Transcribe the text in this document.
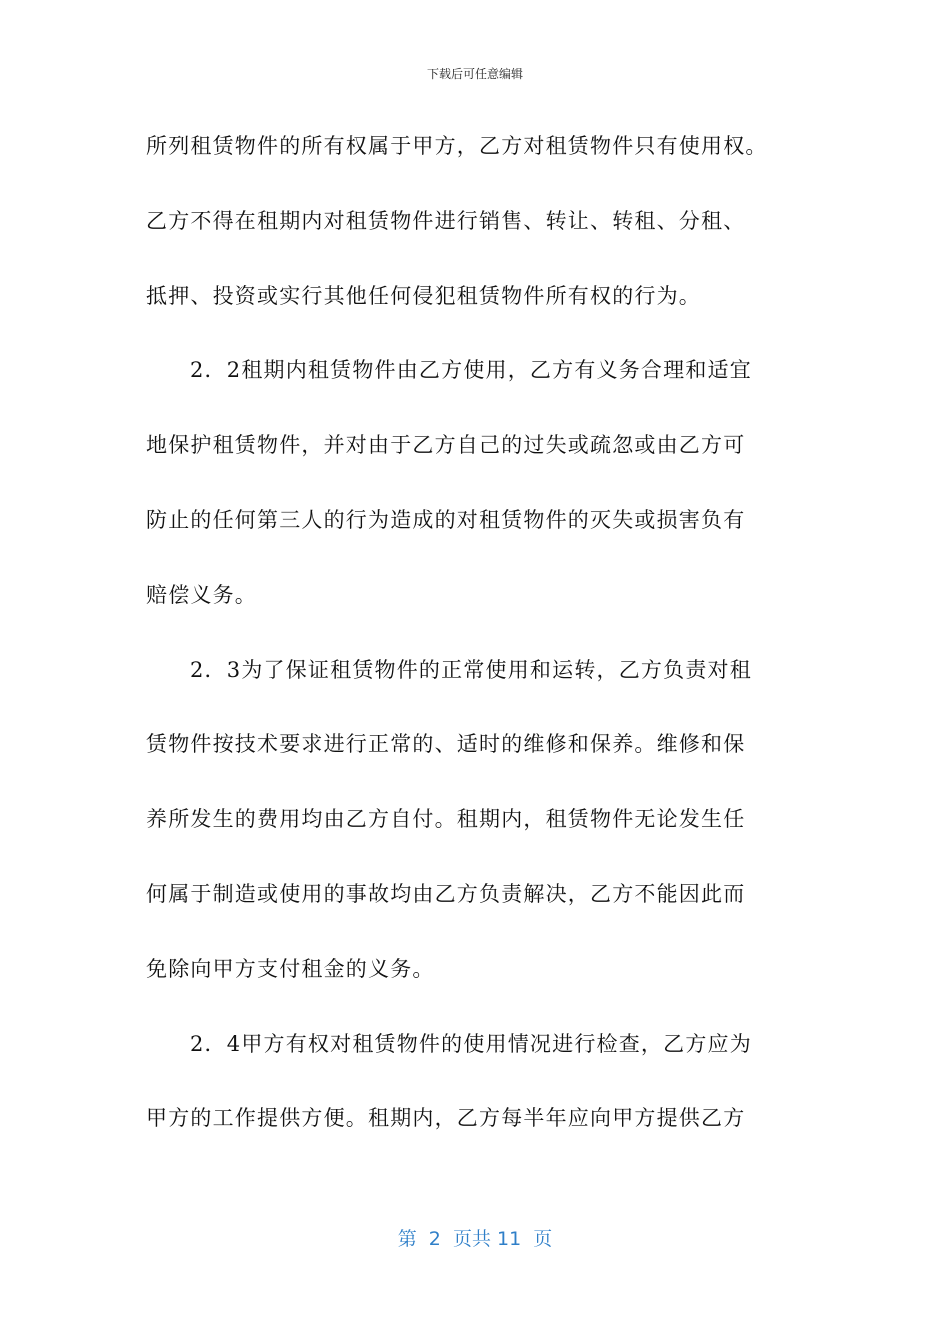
下载后可任意编辑
所列租赁物件的所有权属于甲方，乙方对租赁物件只有使用权。
乙方不得在租期内对租赁物件进行销售、转让、转租、分租、
抵押、投资或实行其他任何侵犯租赁物件所有权的行为。
2．2租期内租赁物件由乙方使用，乙方有义务合理和适宜
地保护租赁物件，并对由于乙方自己的过失或疏忽或由乙方可
防止的任何第三人的行为造成的对租赁物件的灭失或损害负有
赔偿义务。
2．3为了保证租赁物件的正常使用和运转，乙方负责对租
赁物件按技术要求进行正常的、适时的维修和保养。维修和保
养所发生的费用均由乙方自付。租期内，租赁物件无论发生任
何属于制造或使用的事故均由乙方负责解决，乙方不能因此而
免除向甲方支付租金的义务。
2．4甲方有权对租赁物件的使用情况进行检查，乙方应为
甲方的工作提供方便。租期内，乙方每半年应向甲方提供乙方
第  2  页共 11  页
